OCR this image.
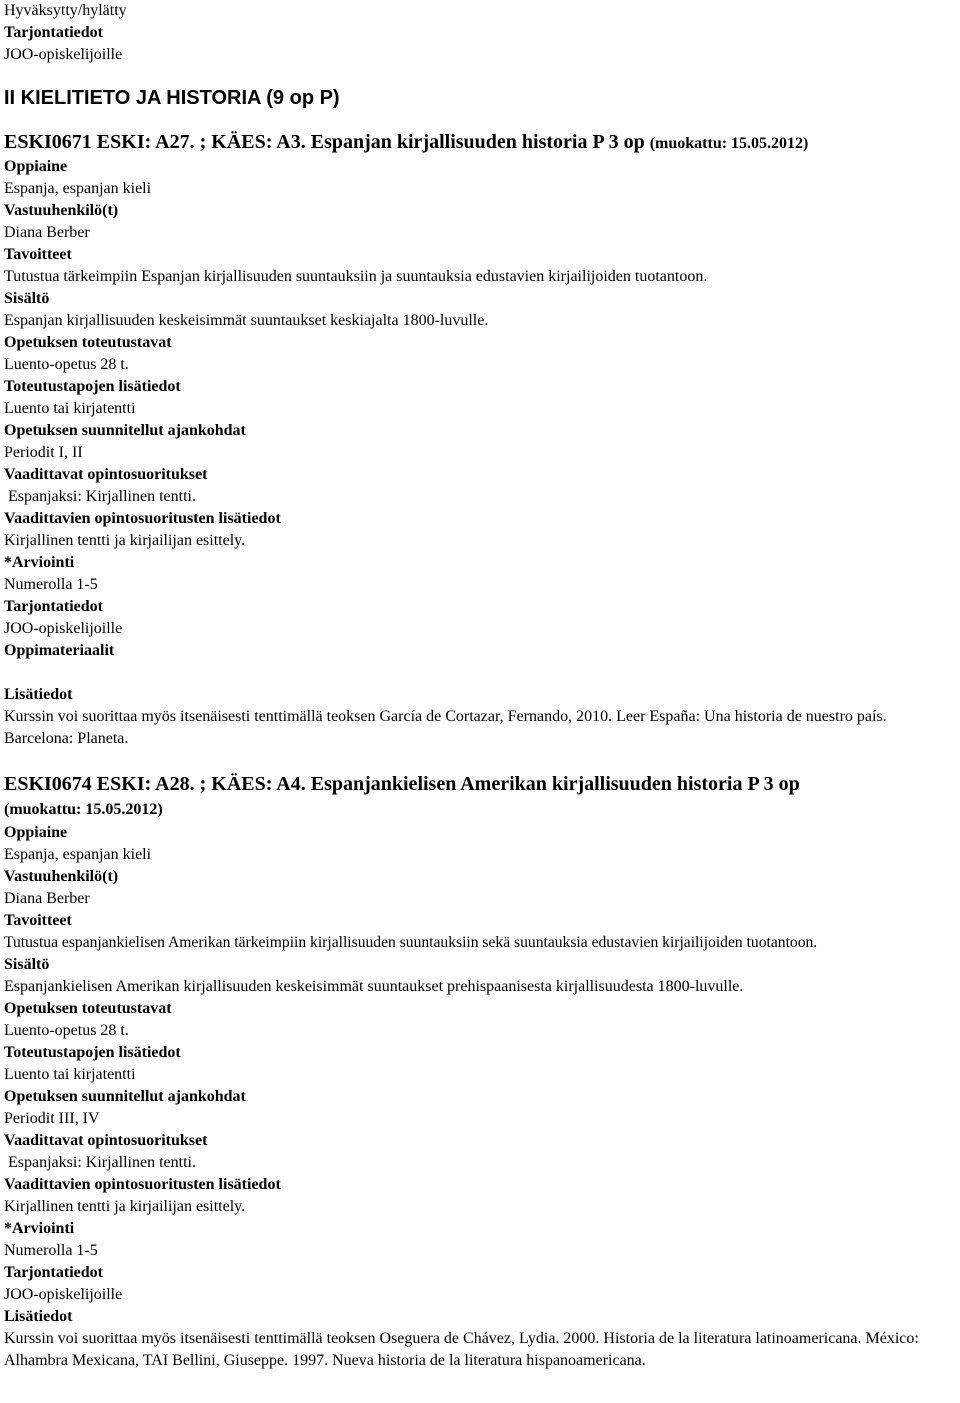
Hyväksytty/hylätty

Tarjontatiedot

JOO-opiskelijoille

II KIELITIETO JA HISTORIA (9 op P)

ESKI0671 ESKI: A27. ; KÄES: A3. Espanjan kirjallisuuden historia P 3 op (muokattu: 15.05.2012)

Oppiaine

Espanja, espanjan kieli

Vastuuhenkilö(t)

Diana Berber

Tavoitteet

Tutustua tärkeimpiin Espanjan kirjallisuuden suuntauksiin ja suuntauksia edustavien kirjailijoiden tuotantoon.

Sisältö

Espanjan kirjallisuuden keskeisimmät suuntaukset keskiajalta 1800-luvulle.

Opetuksen toteutustavat

Luento-opetus 28 t.

Toteutustapojen lisätiedot

Luento tai kirjatentti

Opetuksen suunnitellut ajankohdat

Periodit I, II

Vaadittavat opintosuoritukset

Espanjaksi: Kirjallinen tentti.

Vaadittavien opintosuoritusten lisätiedot

Kirjallinen tentti ja kirjailijan esittely.

*Arviointi

Numerolla 1-5

Tarjontatiedot

JOO-opiskelijoille

Oppimateriaalit

Lisätiedot

Kurssin voi suorittaa myös itsenäisesti tenttimällä teoksen García de Cortazar, Fernando, 2010. Leer España: Una historia de nuestro país. Barcelona: Planeta.

ESKI0674 ESKI: A28. ; KÄES: A4. Espanjankielisen Amerikan kirjallisuuden historia P 3 op
(muokattu: 15.05.2012)

Oppiaine

Espanja, espanjan kieli

Vastuuhenkilö(t)

Diana Berber

Tavoitteet

Tutustua espanjankielisen Amerikan tärkeimpiin kirjallisuuden suuntauksiin sekä suuntauksia edustavien kirjailijoiden tuotantoon.

Sisältö

Espanjankielisen Amerikan kirjallisuuden keskeisimmät suuntaukset prehispaanisesta kirjallisuudesta 1800-luvulle.

Opetuksen toteutustavat

Luento-opetus 28 t.

Toteutustapojen lisätiedot

Luento tai kirjatentti

Opetuksen suunnitellut ajankohdat

Periodit III, IV

Vaadittavat opintosuoritukset

Espanjaksi: Kirjallinen tentti.

Vaadittavien opintosuoritusten lisätiedot

Kirjallinen tentti ja kirjailijan esittely.

*Arviointi

Numerolla 1-5

Tarjontatiedot

JOO-opiskelijoille

Lisätiedot

Kurssin voi suorittaa myös itsenäisesti tenttimällä teoksen Oseguera de Chávez, Lydia. 2000. Historia de la literatura latinoamericana. México: Alhambra Mexicana, TAI Bellini, Giuseppe. 1997. Nueva historia de la literatura hispanoamericana.
